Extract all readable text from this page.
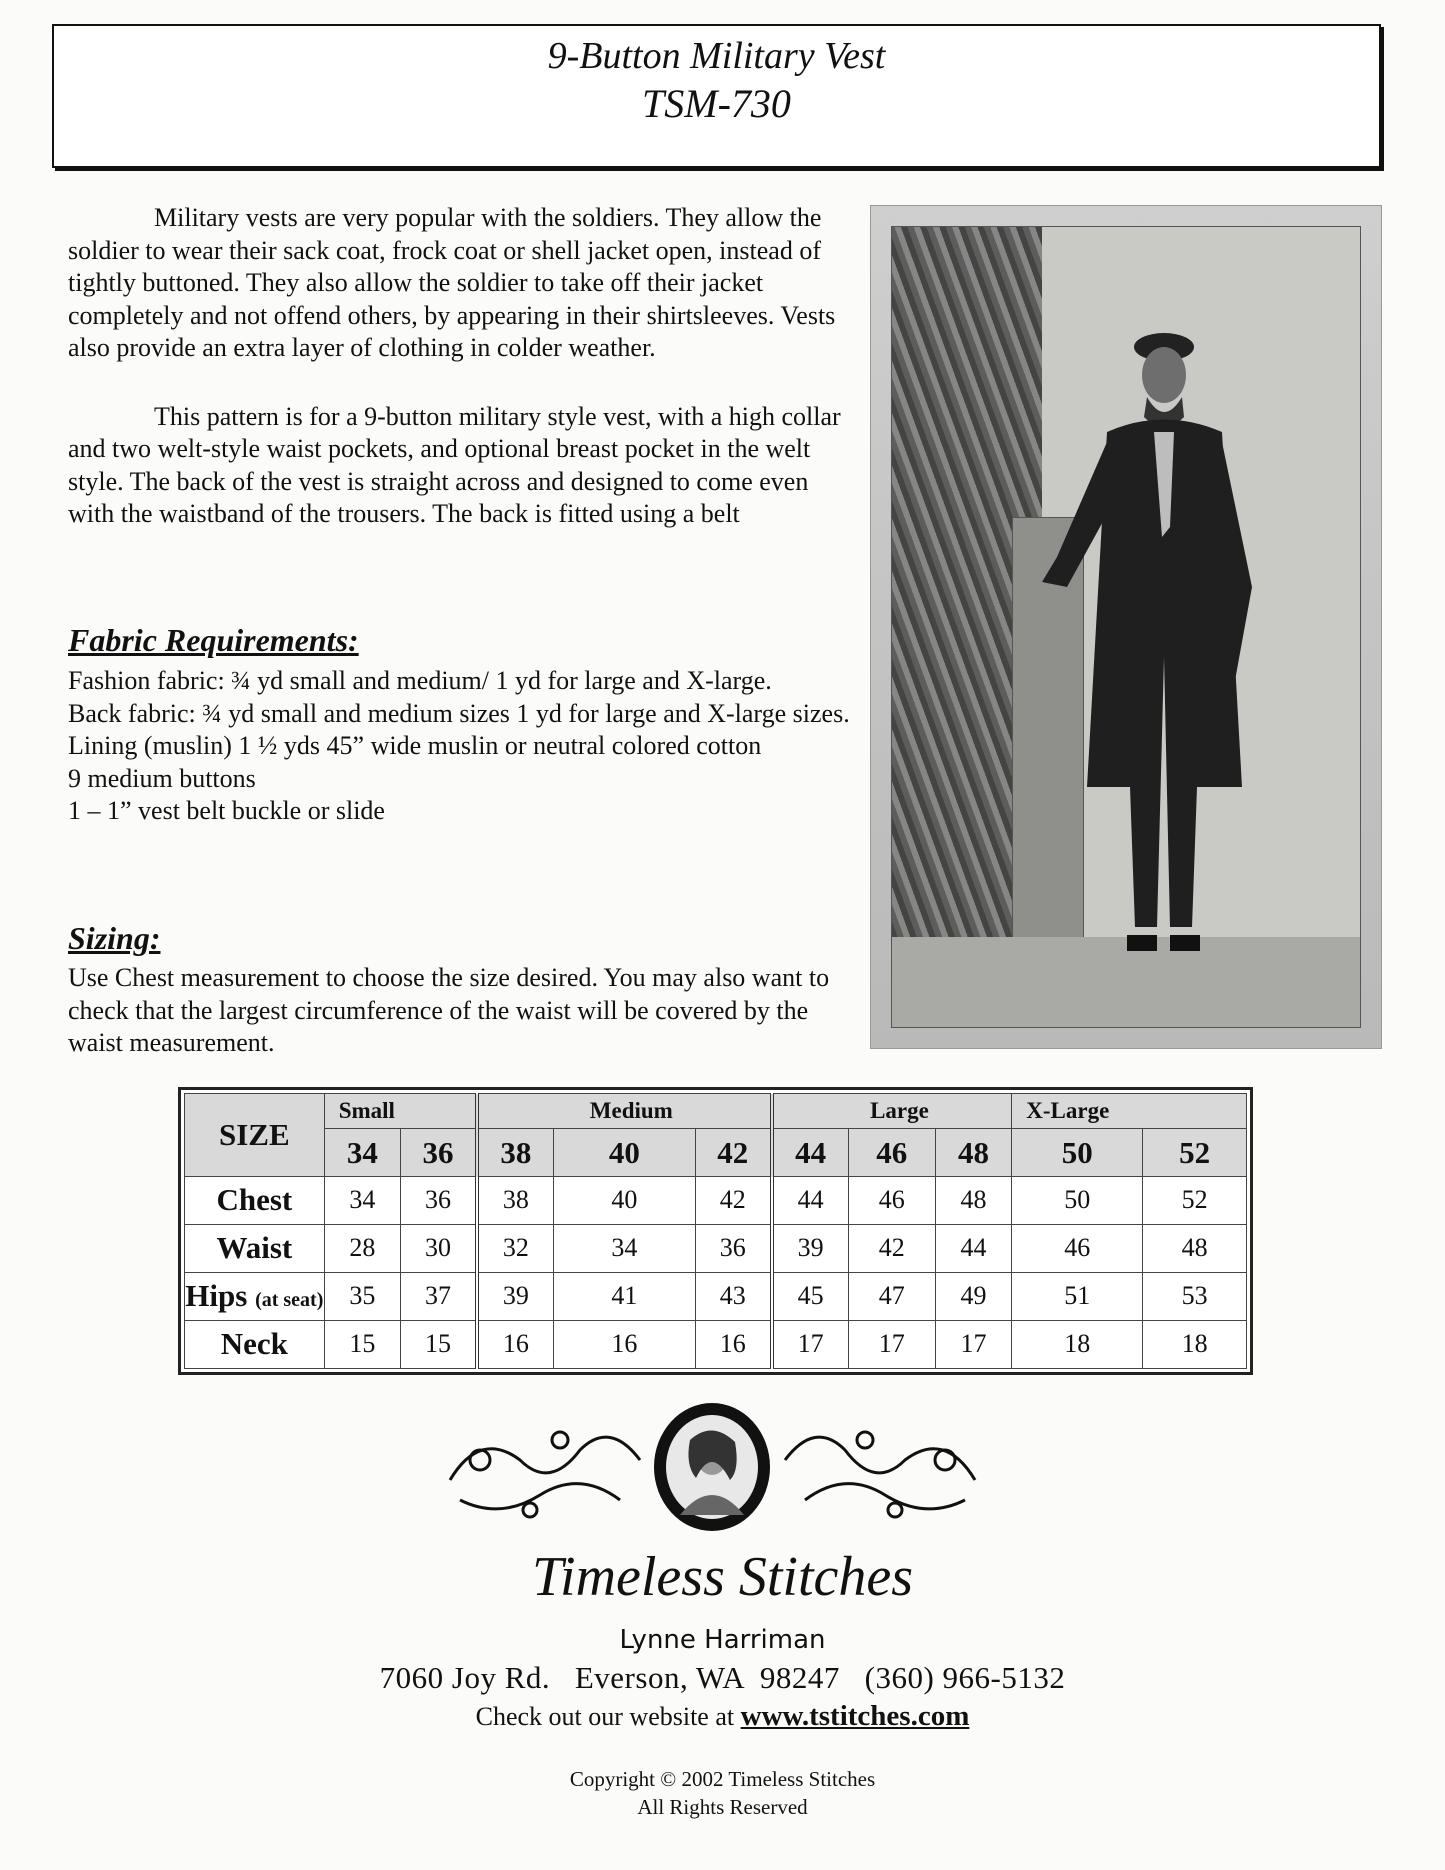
9-Button Military Vest
TSM-730

Military vests are very popular with the soldiers. They allow the soldier to wear their sack coat, frock coat or shell jacket open, instead of tightly buttoned. They also allow the soldier to take off their jacket completely and not offend others, by appearing in their shirtsleeves. Vests also provide an extra layer of clothing in colder weather.

This pattern is for a 9-button military style vest, with a high collar and two welt-style waist pockets, and optional breast pocket in the welt style. The back of the vest is straight across and designed to come even with the waistband of the trousers. The back is fitted using a belt

Fabric Requirements:
Fashion fabric: ¾ yd small and medium/ 1 yd for large and X-large.
Back fabric: ¾ yd small and medium sizes 1 yd for large and X-large sizes.
Lining (muslin) 1 ½ yds 45” wide muslin or neutral colored cotton
9 medium buttons
1 – 1” vest belt buckle or slide
Sizing:
Use Chest measurement to choose the size desired. You may also want to check that the largest circumference of the waist will be covered by the waist measurement.
SIZE	Small		Medium			Large			X-Large	
	34	36	38	40	42	44	46	48	50	52
Chest	34	36	38	40	42	44	46	48	50	52
Waist	28	30	32	34	36	39	42	44	46	48
Hips (at seat)	35	37	39	41	43	45	47	49	51	53
Neck	15	15	16	16	16	17	17	17	18	18
Timeless Stitches
Lynne Harriman
7060 Joy Rd.   Everson, WA  98247   (360) 966-5132
Check out our website at www.tstitches.com
Copyright © 2002 Timeless Stitches
All Rights Reserved
